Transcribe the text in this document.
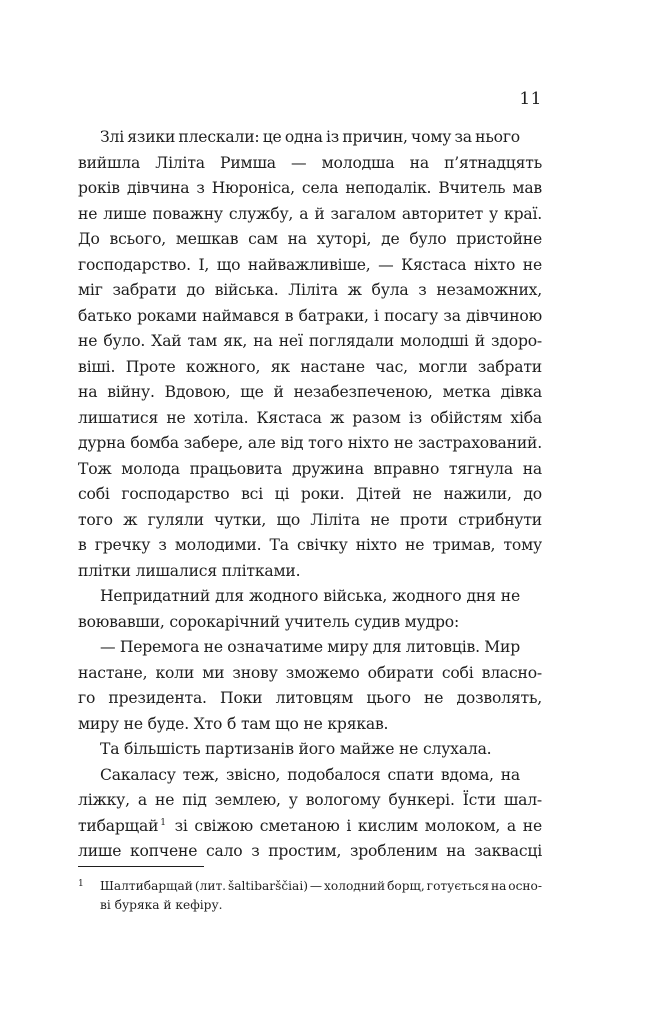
11
Злі язики плескали: це одна із причин, чому за нього
вийшла Ліліта Римша — молодша на п’ятнадцять
років дівчина з Нюроніса, села неподалік. Вчитель мав
не лише поважну службу, а й загалом авторитет у краї.
До всього, мешкав сам на хуторі, де було пристойне
господарство. І, що найважливіше, — Кястаса ніхто не
міг забрати до війська. Ліліта ж була з незаможних,
батько роками наймався в батраки, і посагу за дівчиною
не було. Хай там як, на неї поглядали молодші й здоро-
віші. Проте кожного, як настане час, могли забрати
на війну. Вдовою, ще й незабезпеченою, метка дівка
лишатися не хотіла. Кястаса ж разом із обійстям хіба
дурна бомба забере, але від того ніхто не застрахований.
Тож молода працьовита дружина вправно тягнула на
собі господарство всі ці роки. Дітей не нажили, до
того ж гуляли чутки, що Ліліта не проти стрибнути
в гречку з молодими. Та свічку ніхто не тримав, тому
плітки лишалися плітками.
Непридатний для жодного війська, жодного дня не
воювавши, сорокарічний учитель судив мудро:
— Перемога не означатиме миру для литовців. Мир
настане, коли ми знову зможемо обирати собі власно-
го президента. Поки литовцям цього не дозволять,
миру не буде. Хто б там що не крякав.
Та більшість партизанів його майже не слухала.
Сакаласу теж, звісно, подобалося спати вдома, на
ліжку, а не під землею, у вологому бункері. Їсти шал-
тибарщай $^1$ зі свіжою сметаною і кислим молоком, а не
лише копчене сало з простим, зробленим на заквасці
1 Шалтибарщай (лит. šaltibarščiai) — холодний борщ, готується на осно-
ві буряка й кефіру.
